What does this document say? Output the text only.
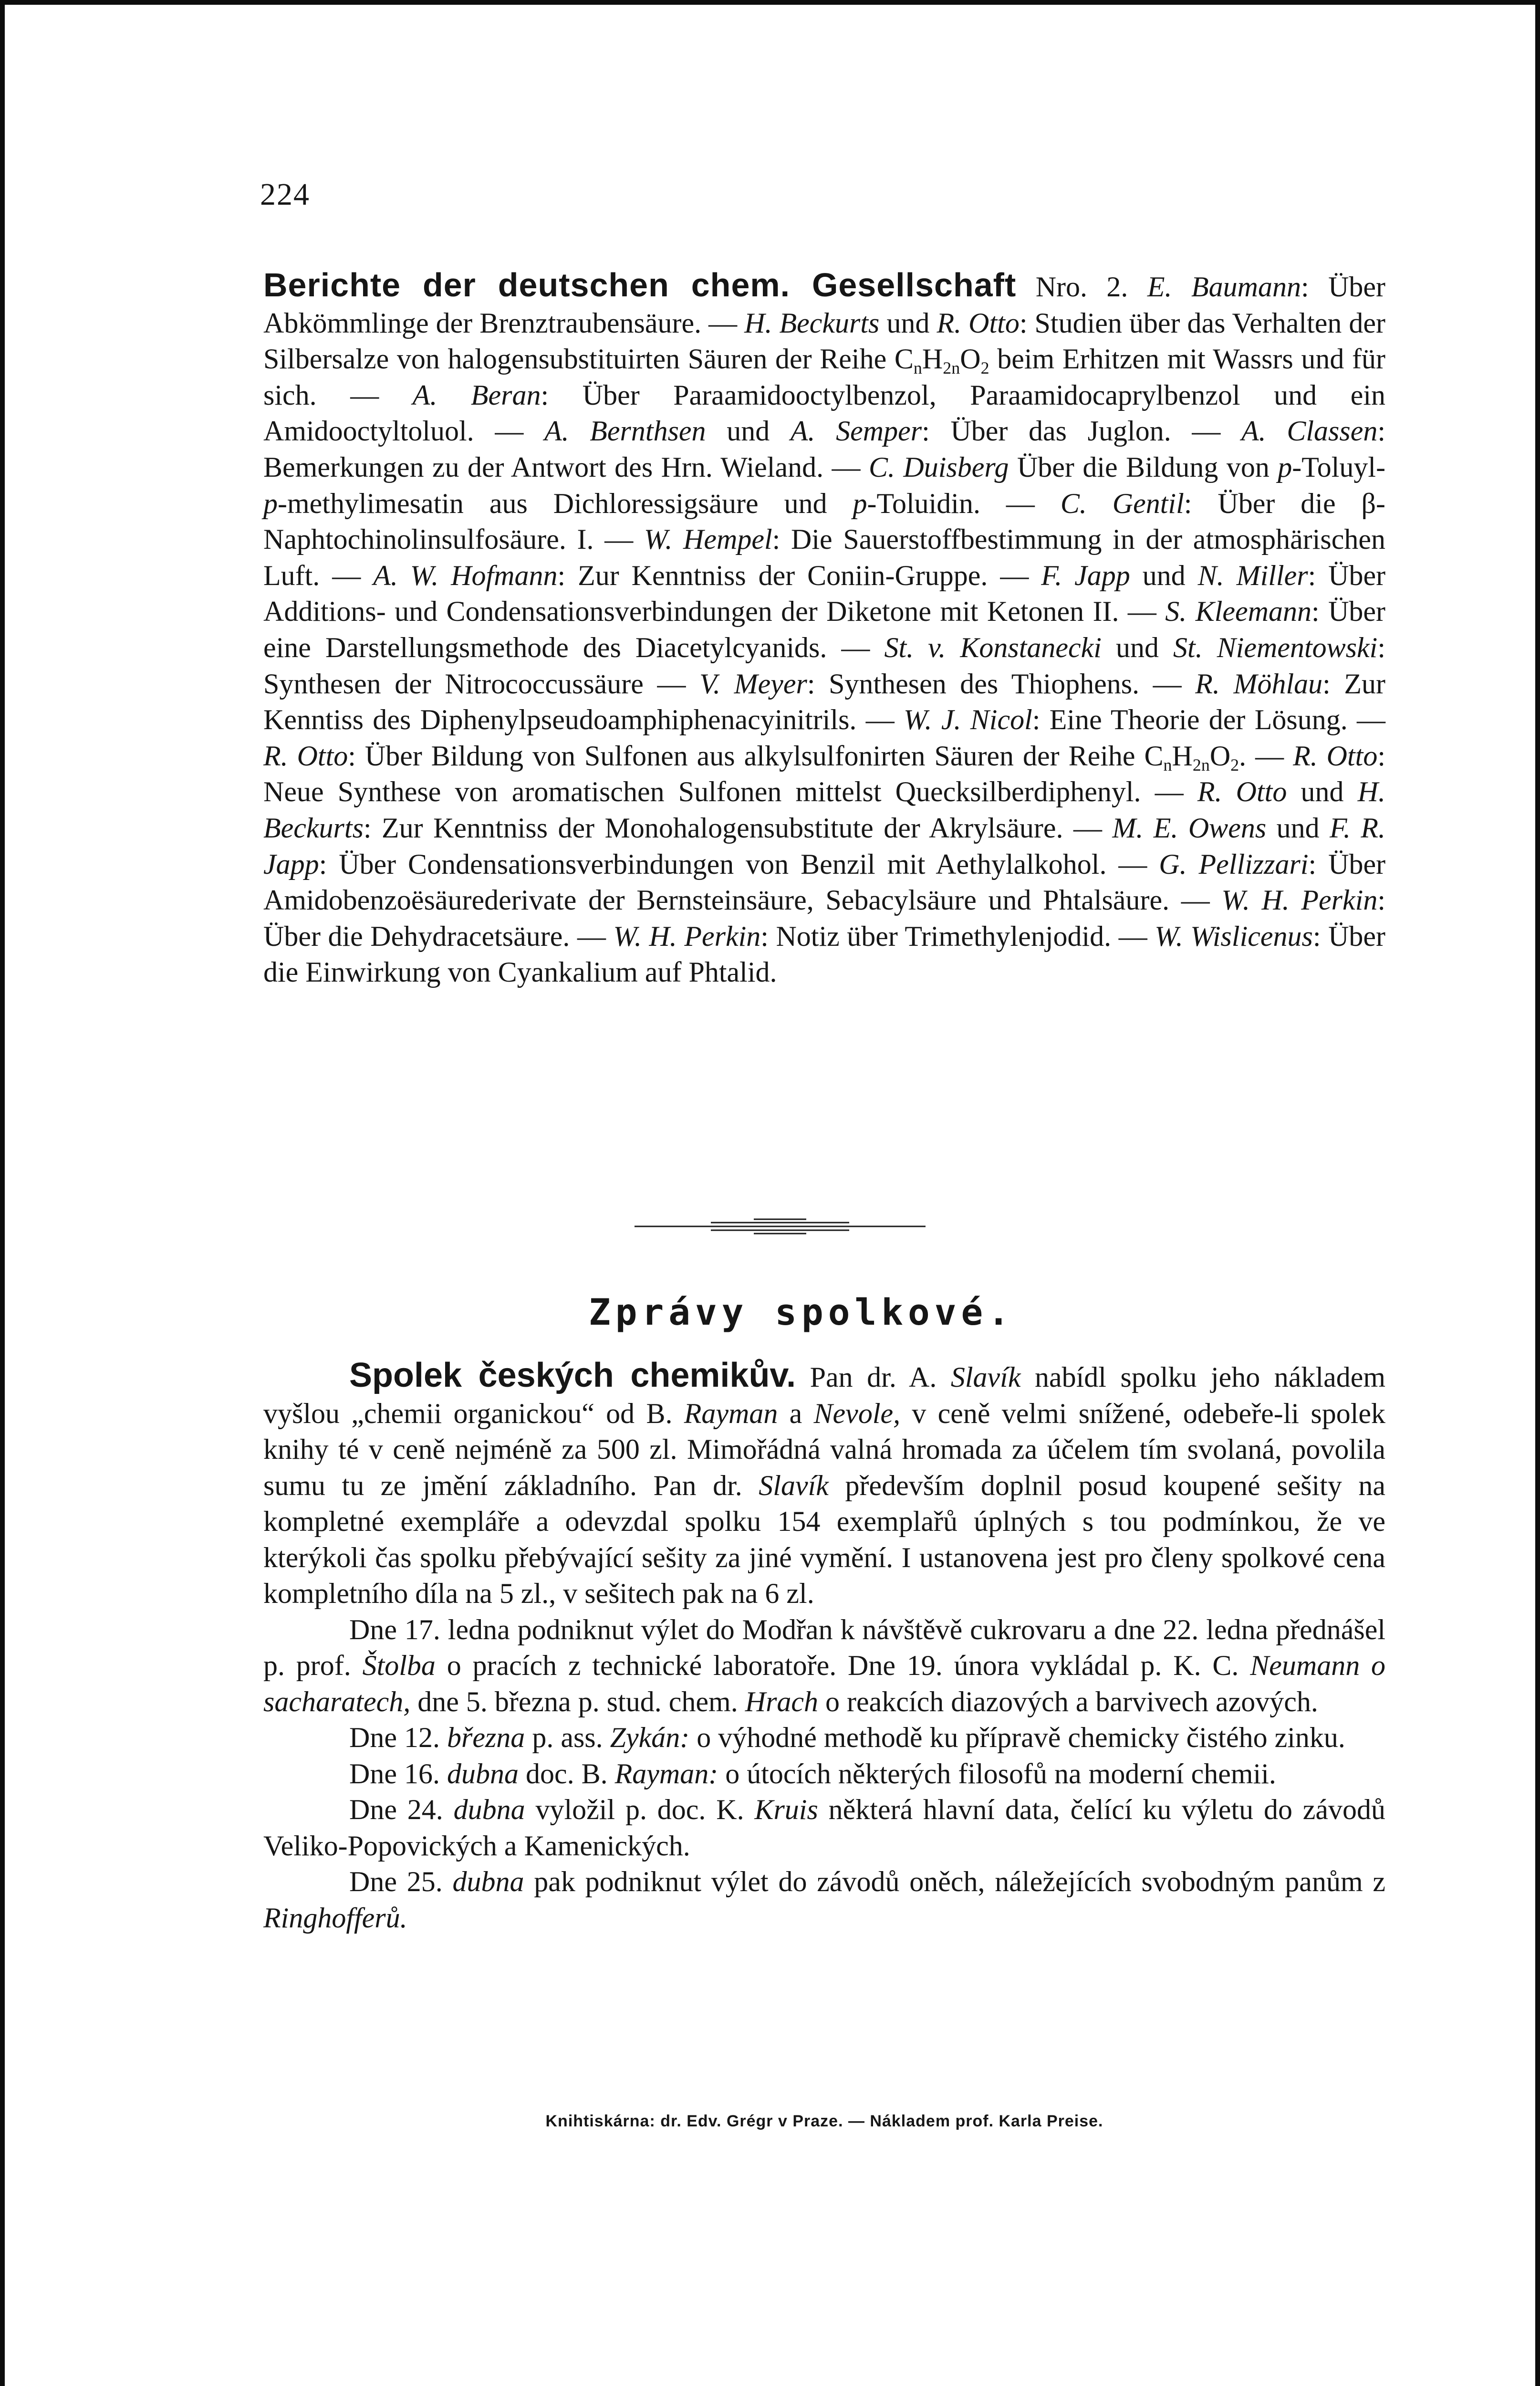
224
Berichte der deutschen chem. Gesellschaft Nro. 2. E. Baumann: Über Abkömmlinge der Brenztraubensäure. — H. Beckurts und R. Otto: Studien über das Verhalten der Silbersalze von halogensubstituirten Säuren der Reihe $C_nH_{2n}O_2$ beim Erhitzen mit Wassrs und für sich. — A. Beran: Über Paraamidooctylbenzol, Paraamidocaprylbenzol und ein Amidooctyltoluol. — A. Bernthsen und A. Semper: Über das Juglon. — A. Classen: Bemerkungen zu der Antwort des Hrn. Wieland. — C. Duisberg Über die Bildung von p-Toluyl-p-methylimesatin aus Dichloressigsäure und p-Toluidin. — C. Gentil: Über die β-Naphtochinolinsulfosäure. I. — W. Hempel: Die Sauerstoffbestimmung in der atmosphärischen Luft. — A. W. Hofmann: Zur Kenntniss der Coniin-Gruppe. — F. Japp und N. Miller: Über Additions- und Condensationsverbindungen der Diketone mit Ketonen II. — S. Kleemann: Über eine Darstellungsmethode des Diacetylcyanids. — St. v. Konstanecki und St. Niementowski: Synthesen der Nitrococcussäure — V. Meyer: Synthesen des Thiophens. — R. Möhlau: Zur Kenntiss des Diphenylpseudoamphiphenacyinitrils. — W. J. Nicol: Eine Theorie der Lösung. — R. Otto: Über Bildung von Sulfonen aus alkylsulfonirten Säuren der Reihe $C_nH_{2n}O_2$. — R. Otto: Neue Synthese von aromatischen Sulfonen mittelst Quecksilberdiphenyl. — R. Otto und H. Beckurts: Zur Kenntniss der Monohalogensubstitute der Akrylsäure. — M. E. Owens und F. R. Japp: Über Condensationsverbindungen von Benzil mit Aethylalkohol. — G. Pellizzari: Über Amidobenzoësäurederivate der Bernsteinsäure, Sebacylsäure und Phtalsäure. — W. H. Perkin: Über die Dehydracetsäure. — W. H. Perkin: Notiz über Trimethylenjodid. — W. Wislicenus: Über die Einwirkung von Cyankalium auf Phtalid.
Zprávy spolkové.

Spolek českých chemikův. Pan dr. A. Slavík nabídl spolku jeho nákladem vyšlou „chemii organickou“ od B. Rayman a Nevole, v ceně velmi snížené, odebeře-li spolek knihy té v ceně nejméně za 500 zl. Mimořádná valná hromada za účelem tím svolaná, povolila sumu tu ze jmění základního. Pan dr. Slavík především doplnil posud koupené sešity na kompletné exempláře a odevzdal spolku 154 exemplařů úplných s tou podmínkou, že ve kterýkoli čas spolku přebývající sešity za jiné vymění. I ustanovena jest pro členy spolkové cena kompletního díla na 5 zl., v sešitech pak na 6 zl.

Dne 17. ledna podniknut výlet do Modřan k návštěvě cukrovaru a dne 22. ledna přednášel p. prof. Štolba o pracích z technické laboratoře. Dne 19. února vykládal p. K. C. Neumann o sacharatech, dne 5. března p. stud. chem. Hrach o reakcích diazových a barvivech azových.

Dne 12. března p. ass. Zykán: o výhodné methodě ku přípravě chemicky čistého zinku.

Dne 16. dubna doc. B. Rayman: o útocích některých filosofů na moderní chemii.

Dne 24. dubna vyložil p. doc. K. Kruis některá hlavní data, čelící ku výletu do závodů Veliko-Popovických a Kamenických.

Dne 25. dubna pak podniknut výlet do závodů oněch, náležejících svobodným panům z Ringhofferů.

Knihtiskárna: dr. Edv. Grégr v Praze. — Nákladem prof. Karla Preise.
